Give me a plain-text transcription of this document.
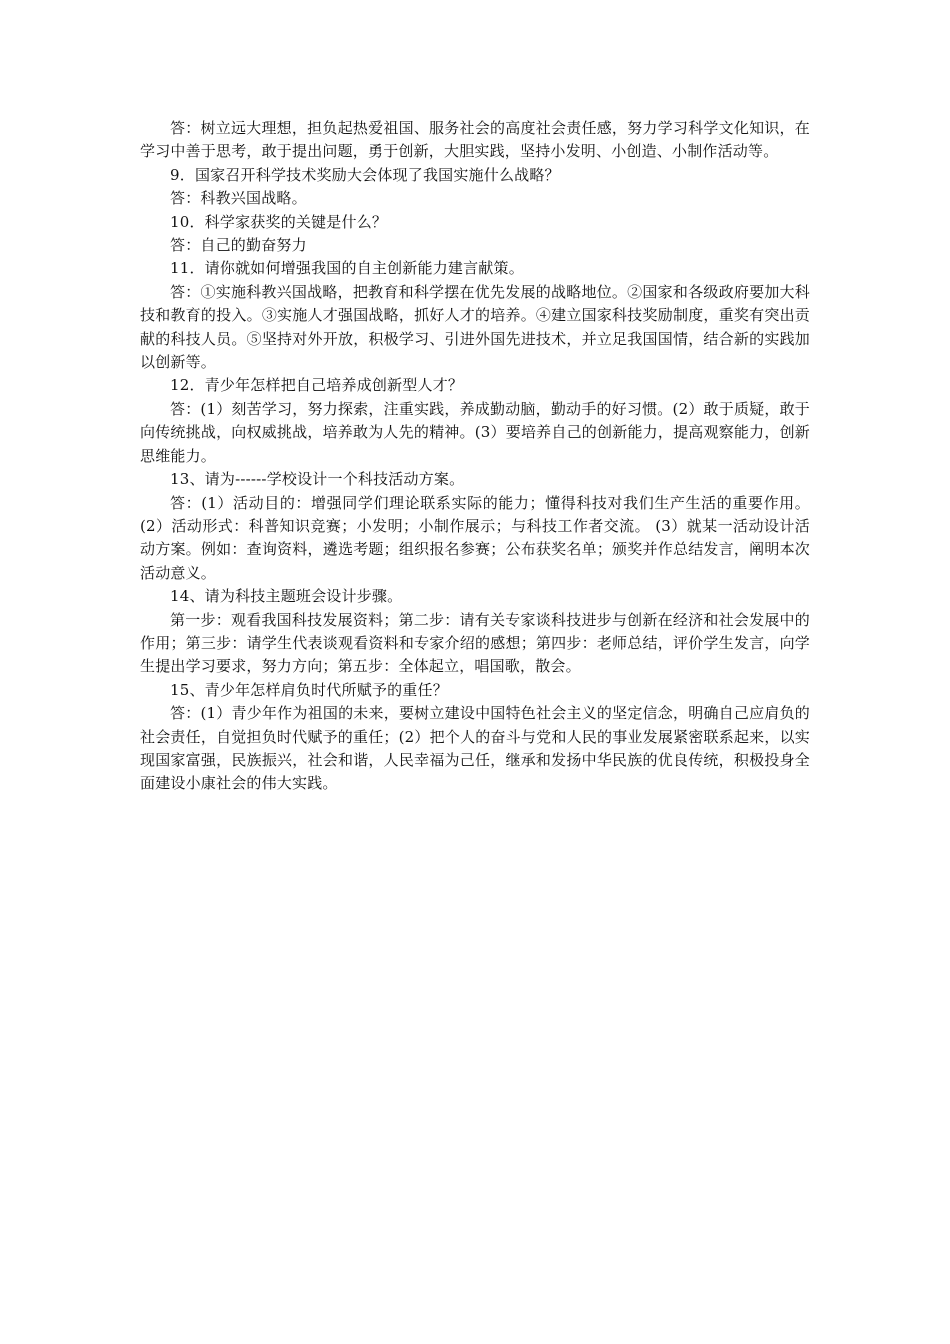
答：树立远大理想，担负起热爱祖国、服务社会的高度社会责任感，努力学习科学文化知识，在学习中善于思考，敢于提出问题，勇于创新，大胆实践，坚持小发明、小创造、小制作活动等。

9．国家召开科学技术奖励大会体现了我国实施什么战略？

答：科教兴国战略。

10．科学家获奖的关键是什么？

答：自己的勤奋努力

11．请你就如何增强我国的自主创新能力建言献策。

答：①实施科教兴国战略，把教育和科学摆在优先发展的战略地位。②国家和各级政府要加大科技和教育的投入。③实施人才强国战略，抓好人才的培养。④建立国家科技奖励制度，重奖有突出贡献的科技人员。⑤坚持对外开放，积极学习、引进外国先进技术，并立足我国国情，结合新的实践加以创新等。

12．青少年怎样把自己培养成创新型人才？

答：(1）刻苦学习，努力探索，注重实践，养成勤动脑，勤动手的好习惯。(2）敢于质疑，敢于向传统挑战，向权威挑战，培养敢为人先的精神。(3）要培养自己的创新能力，提高观察能力，创新思维能力。

13、请为------学校设计一个科技活动方案。

答：(1）活动目的：增强同学们理论联系实际的能力；懂得科技对我们生产生活的重要作用。 (2）活动形式：科普知识竞赛；小发明；小制作展示；与科技工作者交流。 (3）就某一活动设计活动方案。例如：查询资料，遴选考题；组织报名参赛；公布获奖名单；颁奖并作总结发言，阐明本次活动意义。

14、请为科技主题班会设计步骤。

第一步：观看我国科技发展资料；第二步：请有关专家谈科技进步与创新在经济和社会发展中的作用；第三步：请学生代表谈观看资料和专家介绍的感想；第四步：老师总结，评价学生发言，向学生提出学习要求，努力方向；第五步：全体起立，唱国歌，散会。

15、青少年怎样肩负时代所赋予的重任？

答：(1）青少年作为祖国的未来，要树立建设中国特色社会主义的坚定信念，明确自己应肩负的社会责任，自觉担负时代赋予的重任；(2）把个人的奋斗与党和人民的事业发展紧密联系起来，以实现国家富强，民族振兴，社会和谐，人民幸福为己任，继承和发扬中华民族的优良传统，积极投身全面建设小康社会的伟大实践。
